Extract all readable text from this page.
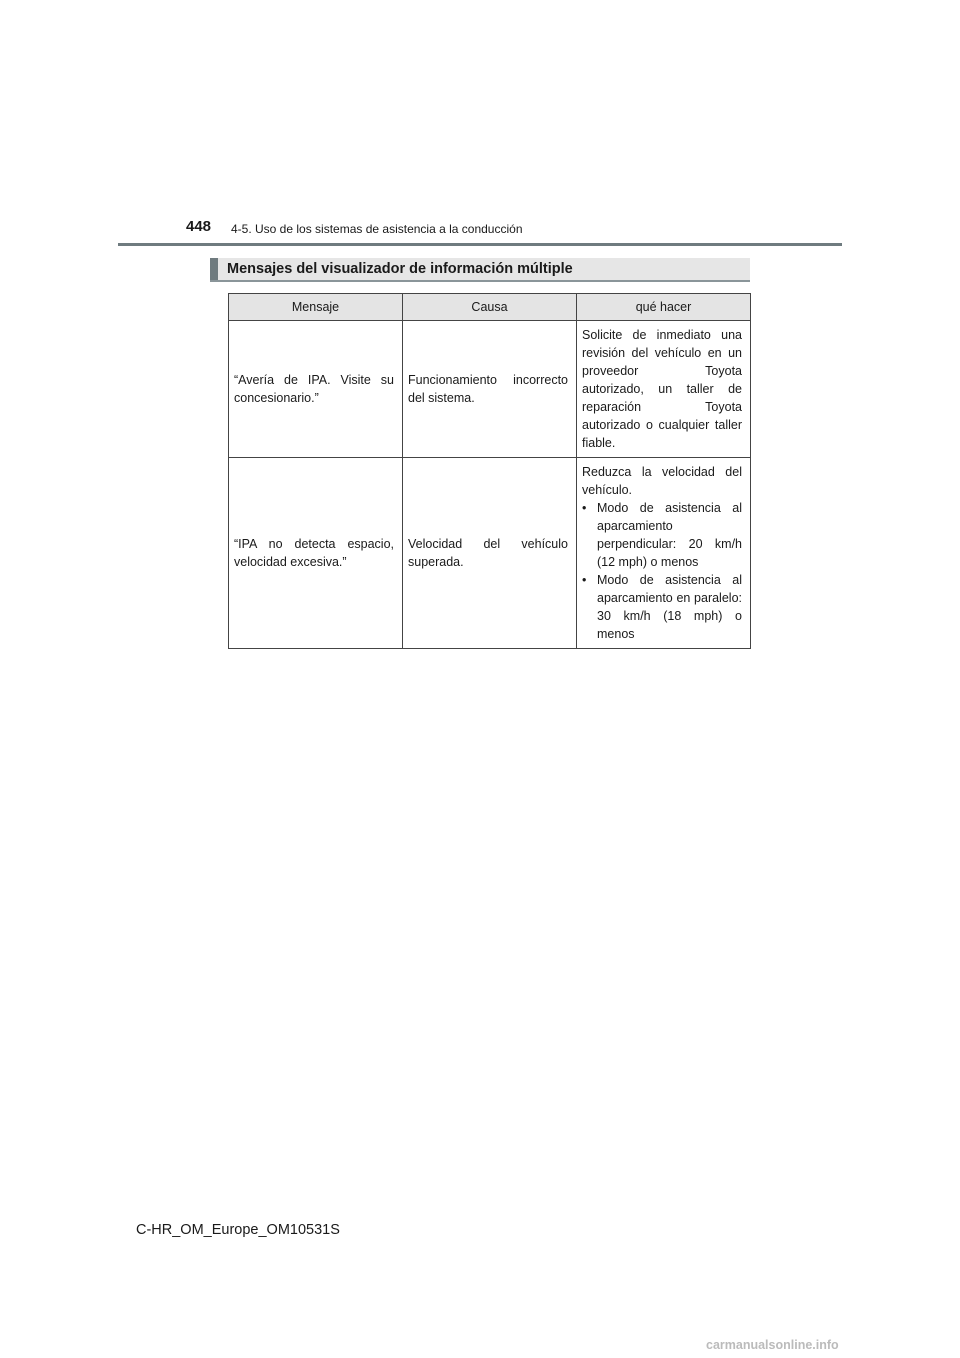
448 4-5. Uso de los sistemas de asistencia a la conducción
Mensajes del visualizador de información múltiple
Mensaje	Causa	qué hacer

“Avería de IPA. Visite su concesionario.”	Funcionamiento incorrecto del sistema.	Solicite de inmediato una revisión del vehículo en un proveedor Toyota autorizado, un taller de reparación Toyota autorizado o cualquier taller fiable.

“IPA no detecta espacio, velocidad excesiva.”	Velocidad del vehículo superada.	Reduzca la velocidad del vehículo.
• Modo de asistencia al aparcamiento perpendicular: 20 km/h (12 mph) o menos
• Modo de asistencia al aparcamiento en paralelo: 30 km/h (18 mph) o menos
C-HR_OM_Europe_OM10531S
carmanualsonline.info
